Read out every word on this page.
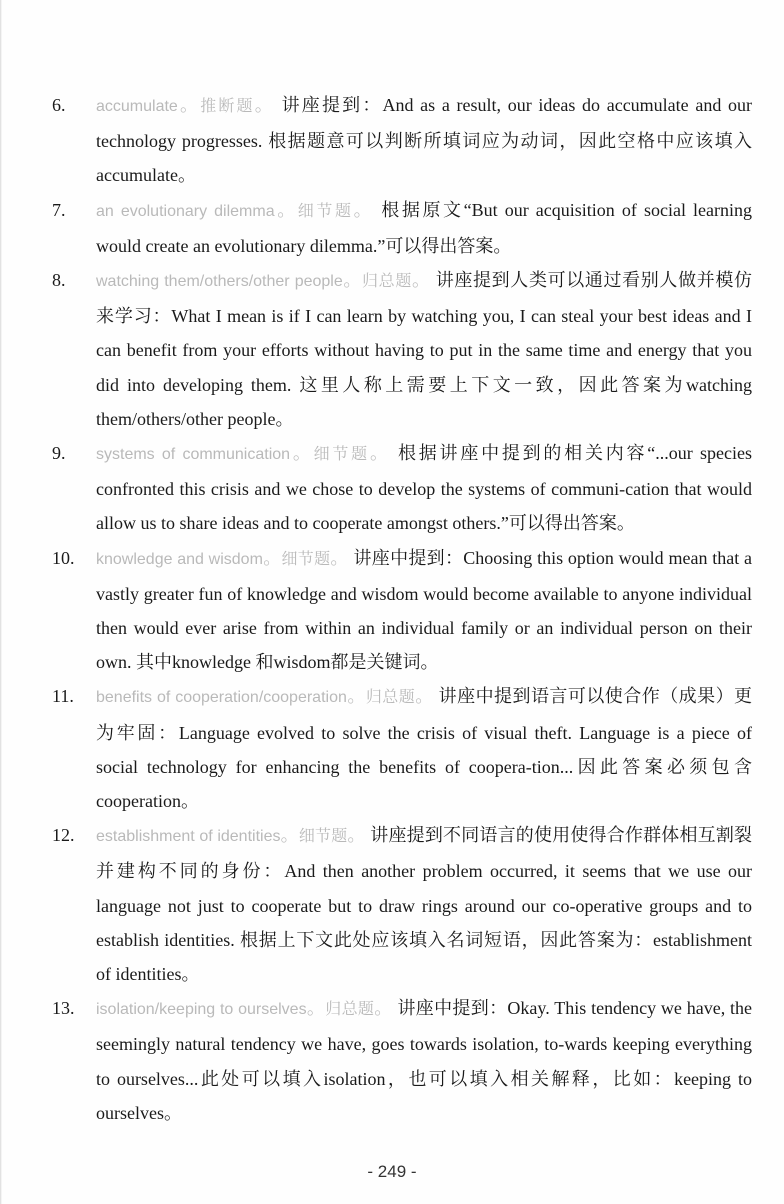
6. accumulate。推断题。 讲座提到：And as a result, our ideas do accumulate and our technology progresses. 根据题意可以判断所填词应为动词，因此空格中应该填入accumulate。
7. an evolutionary dilemma。细节题。 根据原文“But our acquisition of social learning would create an evolutionary dilemma.”可以得出答案。
8. watching them/others/other people。归总题。 讲座提到人类可以通过看别人做并模仿来学习：What I mean is if I can learn by watching you, I can steal your best ideas and I can benefit from your efforts without having to put in the same time and energy that you did into developing them. 这里人称上需要上下文一致，因此答案为watching them/others/other people。
9. systems of communication。细节题。 根据讲座中提到的相关内容“...our species confronted this crisis and we chose to develop the systems of communi-cation that would allow us to share ideas and to cooperate amongst others.”可以得出答案。
10. knowledge and wisdom。细节题。 讲座中提到：Choosing this option would mean that a vastly greater fun of knowledge and wisdom would become available to anyone individual then would ever arise from within an individual family or an individual person on their own. 其中knowledge 和wisdom都是关键词。
11. benefits of cooperation/cooperation。归总题。 讲座中提到语言可以使合作（成果）更为牢固：Language evolved to solve the crisis of visual theft. Language is a piece of social technology for enhancing the benefits of coopera-tion...因此答案必须包含cooperation。
12. establishment of identities。细节题。 讲座提到不同语言的使用使得合作群体相互割裂并建构不同的身份：And then another problem occurred, it seems that we use our language not just to cooperate but to draw rings around our co-operative groups and to establish identities. 根据上下文此处应该填入名词短语，因此答案为：establishment of identities。
13. isolation/keeping to ourselves。归总题。 讲座中提到：Okay. This tendency we have, the seemingly natural tendency we have, goes towards isolation, to-wards keeping everything to ourselves...此处可以填入isolation，也可以填入相关解释，比如：keeping to ourselves。
- 249 -
